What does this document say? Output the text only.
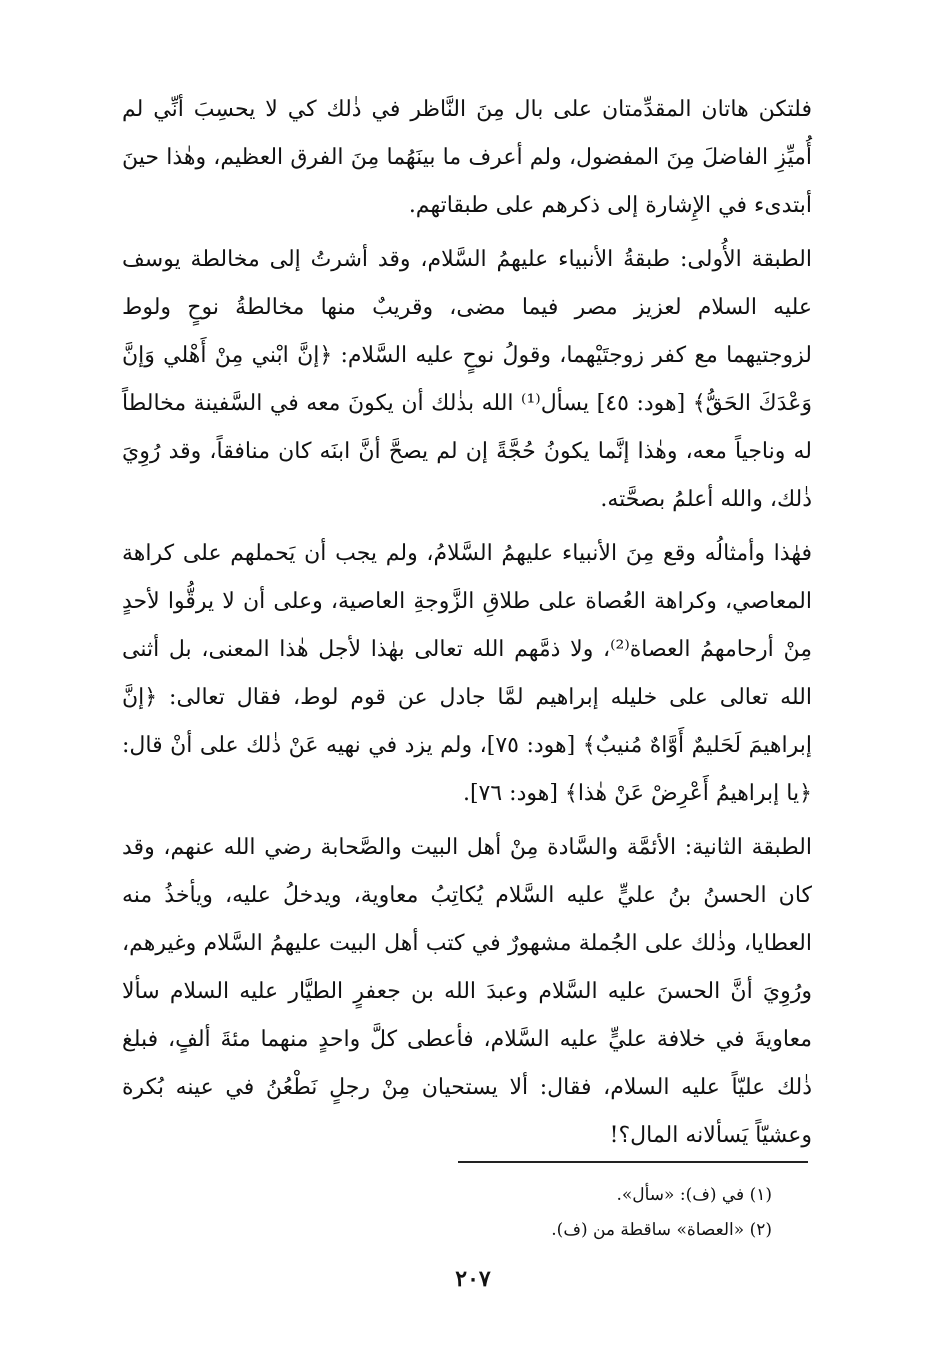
فلتكن هاتان المقدِّمتان على بال مِنَ النَّاظر في ذٰلك كي لا يحسِبَ أنِّي لم أُميِّزِ الفاضلَ مِنَ المفضول، ولم أعرف ما بينَهُما مِنَ الفرق العظيم، وهٰذا حينَ أبتدىء في الإِشارة إلى ذكرهم على طبقاتهم.

الطبقة الأُولى: طبقةُ الأنبياء عليهمُ السَّلام، وقد أشرتُ إلى مخالطة يوسف عليه السلام لعزيز مصر فيما مضى، وقريبٌ منها مخالطةُ نوحٍ ولوط لزوجتيهما مع كفر زوجتَيْهما، وقولُ نوحٍ عليه السَّلام: ﴿إنَّ ابْني مِنْ أَهْلي وَإنَّ وَعْدَكَ الحَقُّ﴾ [هود: ٤٥] يسأل⁽¹⁾ الله بذٰلك أن يكونَ معه في السَّفينة مخالطاً له وناجياً معه، وهٰذا إنَّما يكونُ حُجَّةً إن لم يصحَّ أنَّ ابنَه كان منافقاً، وقد رُوِيَ ذٰلك، والله أعلمُ بصحَّته.

فهٰذا وأمثالُه وقع مِنَ الأنبياء عليهمُ السَّلامُ، ولم يجب أن يَحملهم على كراهة المعاصي، وكراهة العُصاة على طلاقِ الزَّوجةِ العاصية، وعلى أن لا يرقُّوا لأحدٍ مِنْ أرحامهمُ العصاة⁽²⁾، ولا ذمَّهم الله تعالى بهٰذا لأجل هٰذا المعنى، بل أثنى الله تعالى على خليله إبراهيم لمَّا جادل عن قوم لوط، فقال تعالى: ﴿إنَّ إبراهيمَ لَحَليمٌ أَوَّاهٌ مُنيبٌ﴾ [هود: ٧٥]، ولم يزد في نهيه عَنْ ذٰلك على أنْ قال: ﴿يا إبراهيمُ أَعْرِضْ عَنْ هٰذا﴾ [هود: ٧٦].

الطبقة الثانية: الأئمَّة والسَّادة مِنْ أهل البيت والصَّحابة رضي الله عنهم، وقد كان الحسنُ بنُ عليٍّ عليه السَّلام يُكاتِبُ معاوية، ويدخلُ عليه، ويأخذُ منه العطايا، وذٰلك على الجُملة مشهورٌ في كتب أهل البيت عليهمُ السَّلام وغيرهم، ورُوِيَ أنَّ الحسنَ عليه السَّلام وعبدَ الله بن جعفرٍ الطيَّار عليه السلام سألا معاويةَ في خلافة عليٍّ عليه السَّلام، فأعطى كلَّ واحدٍ منهما مئةَ ألفٍ، فبلغ ذٰلك عليّاً عليه السلام، فقال: ألا يستحيان مِنْ رجلٍ نَطْعُنُ في عينه بُكرة وعشيّاً يَسألانه المال؟!

(١) في (ف): «سأل».
(٢) «العصاة» ساقطة من (ف).
٢٠٧
